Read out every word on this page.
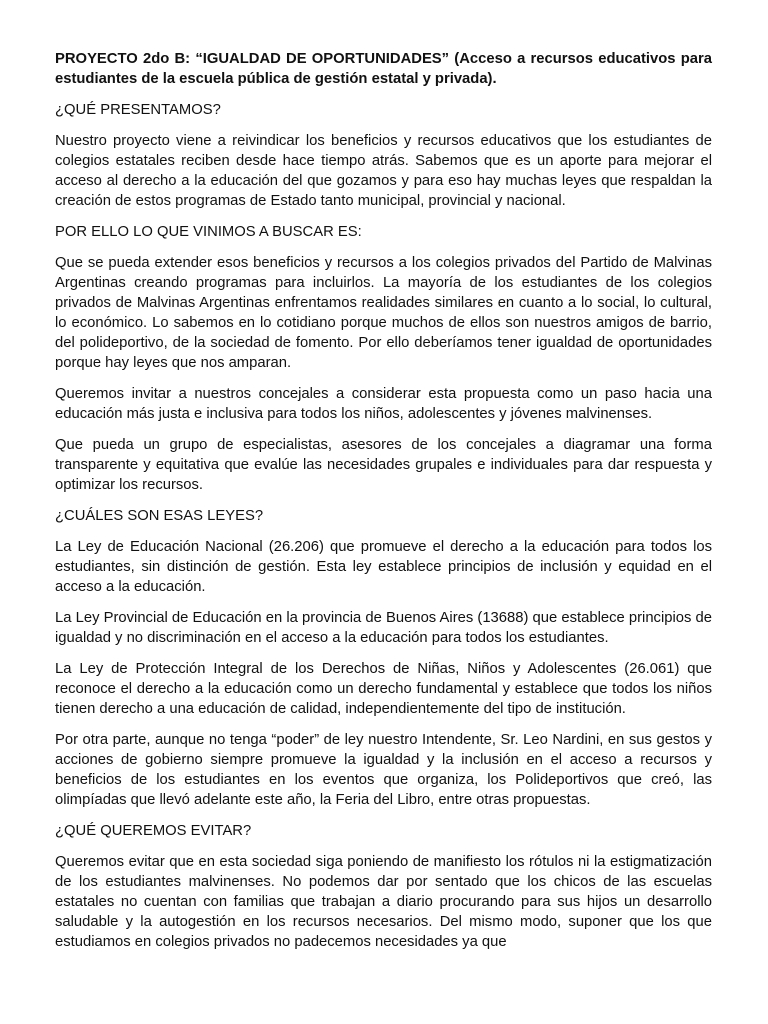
PROYECTO 2do B: “IGUALDAD DE OPORTUNIDADES” (Acceso a recursos educativos para estudiantes de la escuela pública de gestión estatal y privada).

¿QUÉ PRESENTAMOS?

Nuestro proyecto viene a reivindicar los beneficios y recursos educativos que los estudiantes de colegios estatales reciben desde hace tiempo atrás. Sabemos que es un aporte para mejorar el acceso al derecho a la educación del que gozamos y para eso hay muchas leyes que respaldan la creación de estos programas de Estado tanto municipal, provincial y nacional.

POR ELLO LO QUE VINIMOS A BUSCAR ES:

Que se pueda extender esos beneficios y recursos a los colegios privados del Partido de Malvinas Argentinas creando programas para incluirlos. La mayoría de los estudiantes de los colegios privados de Malvinas Argentinas enfrentamos realidades similares en cuanto a lo social, lo cultural, lo económico. Lo sabemos en lo cotidiano porque muchos de ellos son nuestros amigos de barrio, del polideportivo, de la sociedad de fomento. Por ello deberíamos tener igualdad de oportunidades porque hay leyes que nos amparan.

Queremos invitar a nuestros concejales a considerar esta propuesta como un paso hacia una educación más justa e inclusiva para todos los niños, adolescentes y jóvenes malvinenses.

Que pueda un grupo de especialistas, asesores de los concejales a diagramar una forma transparente y equitativa que evalúe las necesidades grupales e individuales para dar respuesta y optimizar los recursos.

¿CUÁLES SON ESAS LEYES?

La Ley de Educación Nacional (26.206) que promueve el derecho a la educación para todos los estudiantes, sin distinción de gestión. Esta ley establece principios de inclusión y equidad en el acceso a la educación.

La Ley Provincial de Educación en la provincia de Buenos Aires (13688) que establece principios de igualdad y no discriminación en el acceso a la educación para todos los estudiantes.

La Ley de Protección Integral de los Derechos de Niñas, Niños y Adolescentes (26.061) que reconoce el derecho a la educación como un derecho fundamental y establece que todos los niños tienen derecho a una educación de calidad, independientemente del tipo de institución.

Por otra parte, aunque no tenga “poder” de ley nuestro Intendente, Sr. Leo Nardini, en sus gestos y acciones de gobierno siempre promueve la igualdad y la inclusión en el acceso a recursos y beneficios de los estudiantes en los eventos que organiza, los Polideportivos que creó, las olimpíadas que llevó adelante este año, la Feria del Libro, entre otras propuestas.

¿QUÉ QUEREMOS EVITAR?

Queremos evitar que en esta sociedad siga poniendo de manifiesto los rótulos ni la estigmatización de los estudiantes malvinenses. No podemos dar por sentado que los chicos de las escuelas estatales no cuentan con familias que trabajan a diario procurando para sus hijos un desarrollo saludable y la autogestión en los recursos necesarios. Del mismo modo, suponer que los que estudiamos en colegios privados no padecemos necesidades ya que
